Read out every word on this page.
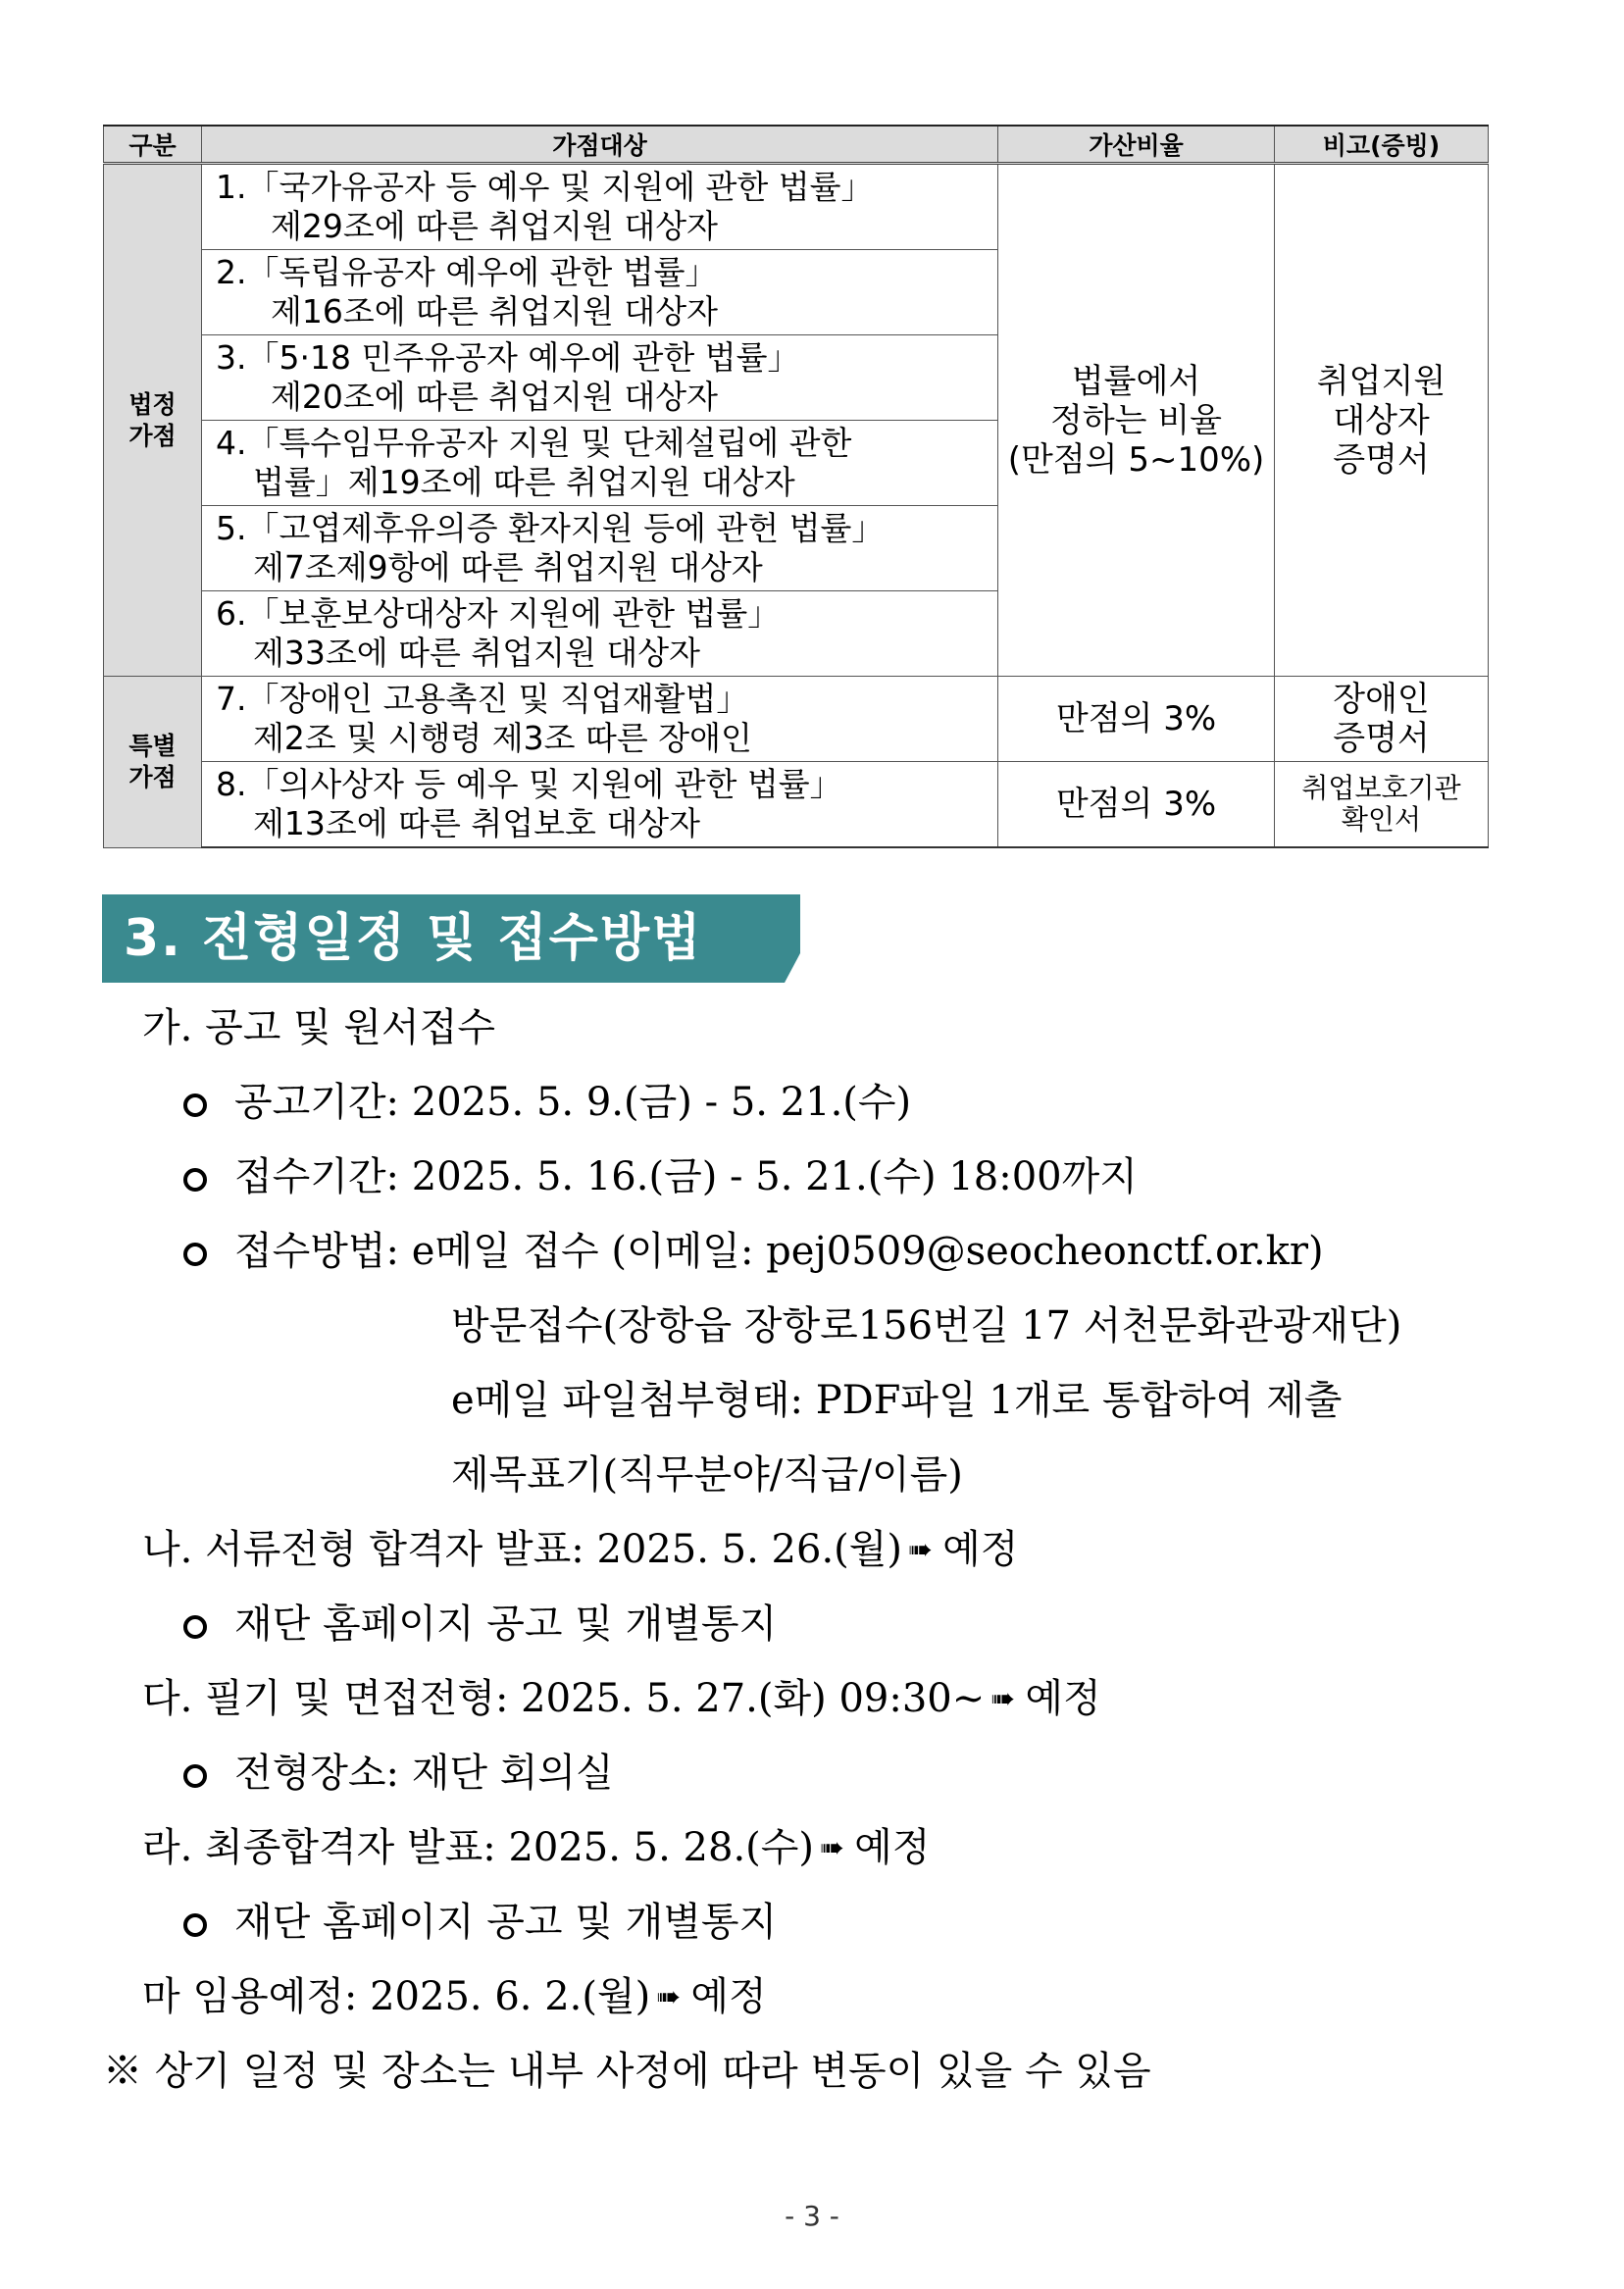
구분	가점대상	가산비율	비고(증빙)
법정
가점	1.「국가유공자 등 예우 및 지원에 관한 법률」
제29조에 따른 취업지원 대상자	법률에서
정하는 비율
(만점의 5~10%)	취업지원
대상자
증명서

	2.「독립유공자 예우에 관한 법률」
제16조에 따른 취업지원 대상자		

	3.「5·18 민주유공자 예우에 관한 법률」
제20조에 따른 취업지원 대상자		

	4.「특수임무유공자 지원 및 단체설립에 관한
법률」제19조에 따른 취업지원 대상자		

	5.「고엽제후유의증 환자지원 등에 관헌 법률」
제7조제9항에 따른 취업지원 대상자		

	6.「보훈보상대상자 지원에 관한 법률」
제33조에 따른 취업지원 대상자		

특별
가점	7.「장애인 고용촉진 및 직업재활법」
제2조 및 시행령 제3조 따른 장애인	만점의 3%	장애인
증명서

	8.「의사상자 등 예우 및 지원에 관한 법률」
제13조에 따른 취업보호 대상자	만점의 3%	취업보호기관
확인서
3. 전형일정 및 접수방법
가. 공고 및 원서접수
공고기간: 2025. 5. 9.(금) - 5. 21.(수)
접수기간: 2025. 5. 16.(금) - 5. 21.(수) 18:00까지
접수방법: e메일 접수 (이메일: pej0509@seocheonctf.or.kr)
방문접수(장항읍 장항로156번길 17 서천문화관광재단)
e메일 파일첨부형태: PDF파일 1개로 통합하여 제출
제목표기(직무분야/직급/이름)
나. 서류전형 합격자 발표: 2025. 5. 26.(월) ➠ 예정
재단 홈페이지 공고 및 개별통지
다. 필기 및 면접전형: 2025. 5. 27.(화) 09:30∼ ➠ 예정
전형장소: 재단 회의실
라. 최종합격자 발표: 2025. 5. 28.(수) ➠ 예정
재단 홈페이지 공고 및 개별통지
마 임용예정: 2025. 6. 2.(월) ➠ 예정
※ 상기 일정 및 장소는 내부 사정에 따라 변동이 있을 수 있음
- 3 -
